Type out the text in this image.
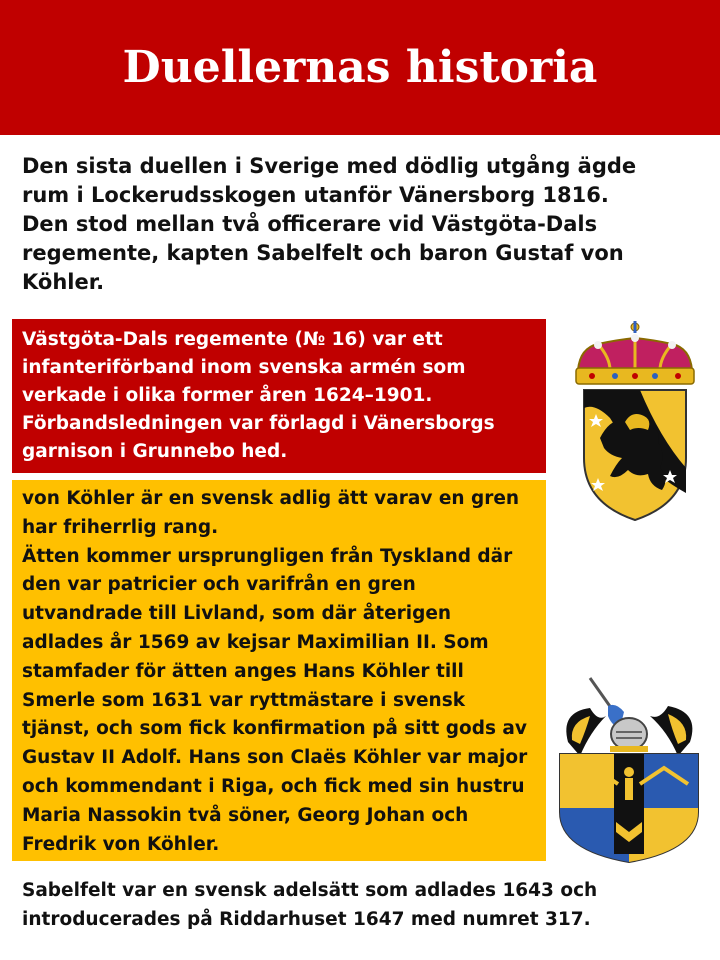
Duellernas historia
Den sista duellen i Sverige med dödlig utgång ägde rum i Lockerudsskogen utanför Vänersborg 1816. Den stod mellan två officerare vid Västgöta-Dals regemente, kapten Sabelfelt och baron Gustaf von Köhler.

Västgöta-Dals regemente (№ 16) var ett infanteriförband inom svenska armén som verkade i olika former åren 1624–1901. Förbandsledningen var förlagd i Vänersborgs garnison i Grunnebo hed.

von Köhler är en svensk adlig ätt varav en gren har friherrlig rang.

Ätten kommer ursprungligen från Tyskland där den var patricier och varifrån en gren utvandrade till Livland, som där återigen adlades år 1569 av kejsar Maximilian II. Som stamfader för ätten anges Hans Köhler till Smerle som 1631 var ryttmästare i svensk tjänst, och som fick konfirmation på sitt gods av Gustav II Adolf. Hans son Claës Köhler var major och kommendant i Riga, och fick med sin hustru Maria Nassokin två söner, Georg Johan och Fredrik von Köhler.

Sabelfelt var en svensk adelsätt som adlades 1643 och introducerades på Riddarhuset 1647 med numret 317.
